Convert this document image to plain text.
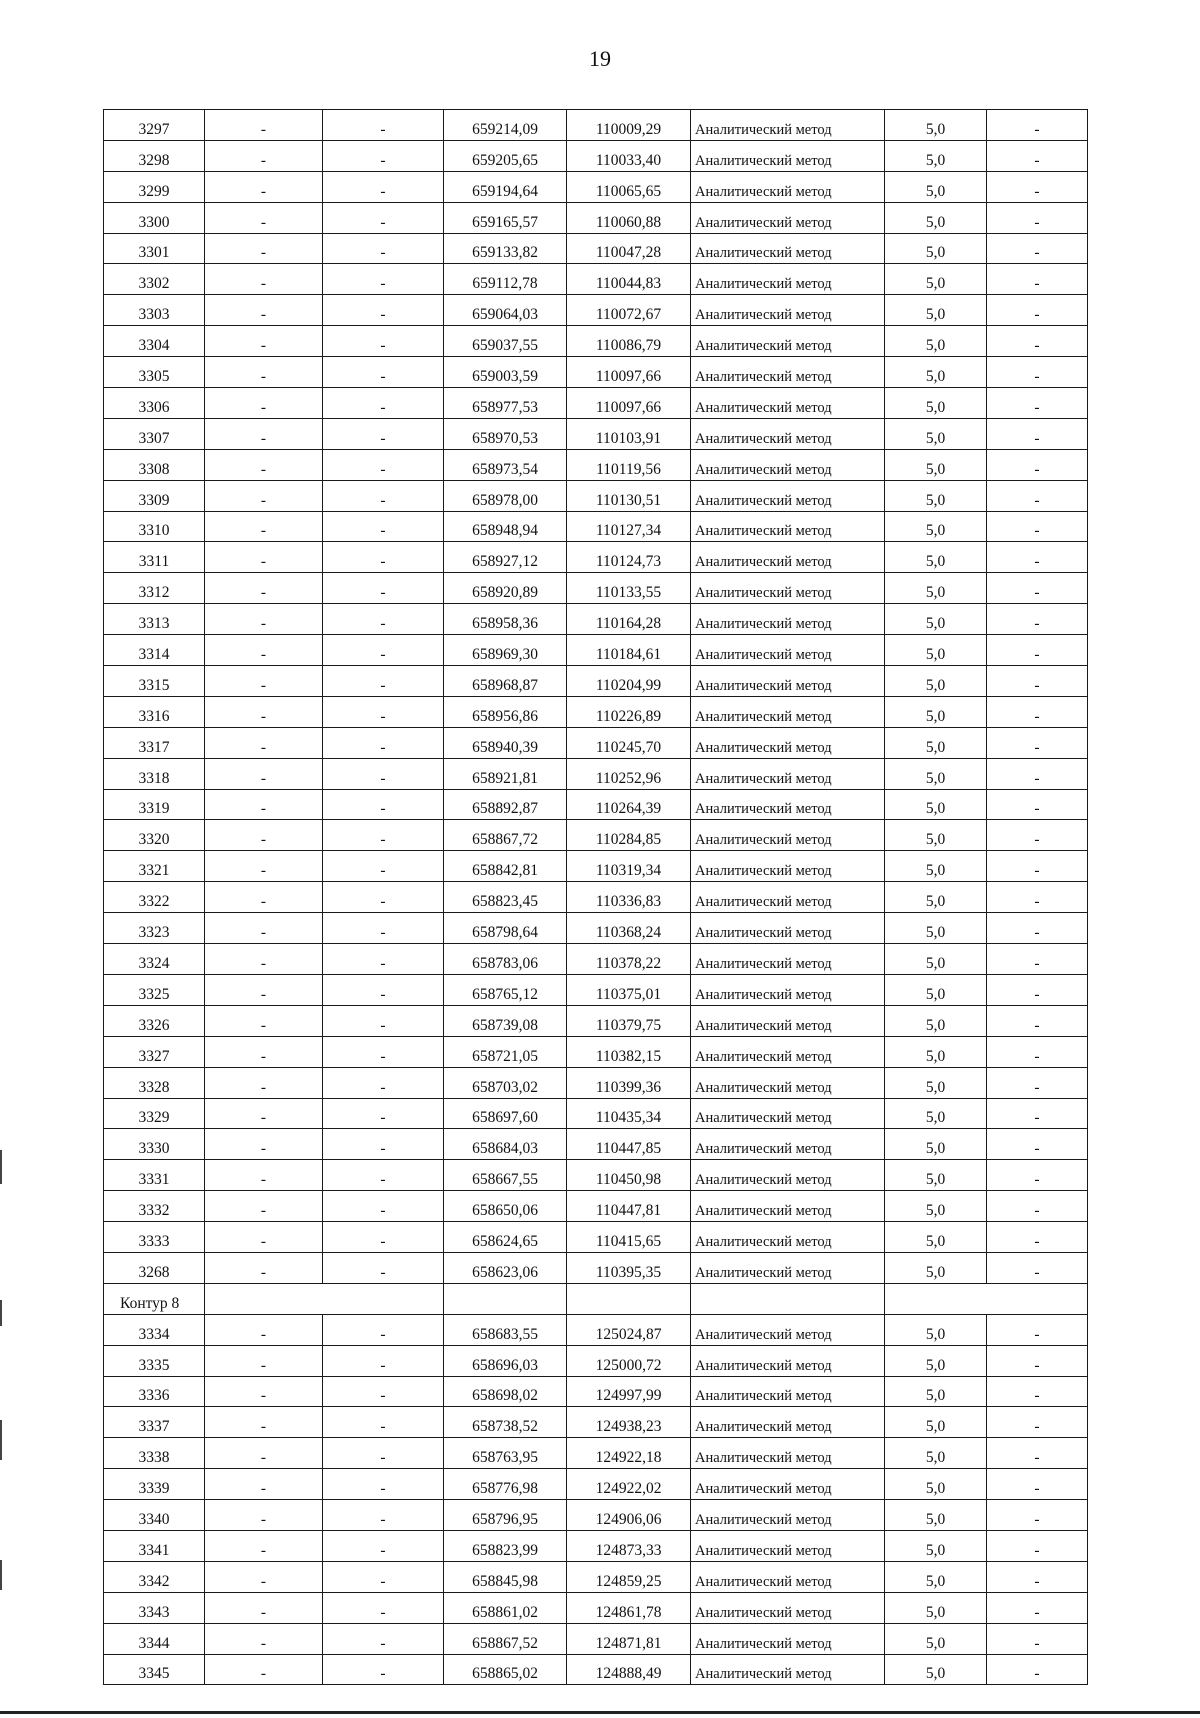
19
3297	-	-	659214,09	110009,29	Аналитический метод	5,0	-
3298	-	-	659205,65	110033,40	Аналитический метод	5,0	-
3299	-	-	659194,64	110065,65	Аналитический метод	5,0	-
3300	-	-	659165,57	110060,88	Аналитический метод	5,0	-
3301	-	-	659133,82	110047,28	Аналитический метод	5,0	-
3302	-	-	659112,78	110044,83	Аналитический метод	5,0	-
3303	-	-	659064,03	110072,67	Аналитический метод	5,0	-
3304	-	-	659037,55	110086,79	Аналитический метод	5,0	-
3305	-	-	659003,59	110097,66	Аналитический метод	5,0	-
3306	-	-	658977,53	110097,66	Аналитический метод	5,0	-
3307	-	-	658970,53	110103,91	Аналитический метод	5,0	-
3308	-	-	658973,54	110119,56	Аналитический метод	5,0	-
3309	-	-	658978,00	110130,51	Аналитический метод	5,0	-
3310	-	-	658948,94	110127,34	Аналитический метод	5,0	-
3311	-	-	658927,12	110124,73	Аналитический метод	5,0	-
3312	-	-	658920,89	110133,55	Аналитический метод	5,0	-
3313	-	-	658958,36	110164,28	Аналитический метод	5,0	-
3314	-	-	658969,30	110184,61	Аналитический метод	5,0	-
3315	-	-	658968,87	110204,99	Аналитический метод	5,0	-
3316	-	-	658956,86	110226,89	Аналитический метод	5,0	-
3317	-	-	658940,39	110245,70	Аналитический метод	5,0	-
3318	-	-	658921,81	110252,96	Аналитический метод	5,0	-
3319	-	-	658892,87	110264,39	Аналитический метод	5,0	-
3320	-	-	658867,72	110284,85	Аналитический метод	5,0	-
3321	-	-	658842,81	110319,34	Аналитический метод	5,0	-
3322	-	-	658823,45	110336,83	Аналитический метод	5,0	-
3323	-	-	658798,64	110368,24	Аналитический метод	5,0	-
3324	-	-	658783,06	110378,22	Аналитический метод	5,0	-
3325	-	-	658765,12	110375,01	Аналитический метод	5,0	-
3326	-	-	658739,08	110379,75	Аналитический метод	5,0	-
3327	-	-	658721,05	110382,15	Аналитический метод	5,0	-
3328	-	-	658703,02	110399,36	Аналитический метод	5,0	-
3329	-	-	658697,60	110435,34	Аналитический метод	5,0	-
3330	-	-	658684,03	110447,85	Аналитический метод	5,0	-
3331	-	-	658667,55	110450,98	Аналитический метод	5,0	-
3332	-	-	658650,06	110447,81	Аналитический метод	5,0	-
3333	-	-	658624,65	110415,65	Аналитический метод	5,0	-
3268	-	-	658623,06	110395,35	Аналитический метод	5,0	-
Контур 8							
3334	-	-	658683,55	125024,87	Аналитический метод	5,0	-
3335	-	-	658696,03	125000,72	Аналитический метод	5,0	-
3336	-	-	658698,02	124997,99	Аналитический метод	5,0	-
3337	-	-	658738,52	124938,23	Аналитический метод	5,0	-
3338	-	-	658763,95	124922,18	Аналитический метод	5,0	-
3339	-	-	658776,98	124922,02	Аналитический метод	5,0	-
3340	-	-	658796,95	124906,06	Аналитический метод	5,0	-
3341	-	-	658823,99	124873,33	Аналитический метод	5,0	-
3342	-	-	658845,98	124859,25	Аналитический метод	5,0	-
3343	-	-	658861,02	124861,78	Аналитический метод	5,0	-
3344	-	-	658867,52	124871,81	Аналитический метод	5,0	-
3345	-	-	658865,02	124888,49	Аналитический метод	5,0	-
